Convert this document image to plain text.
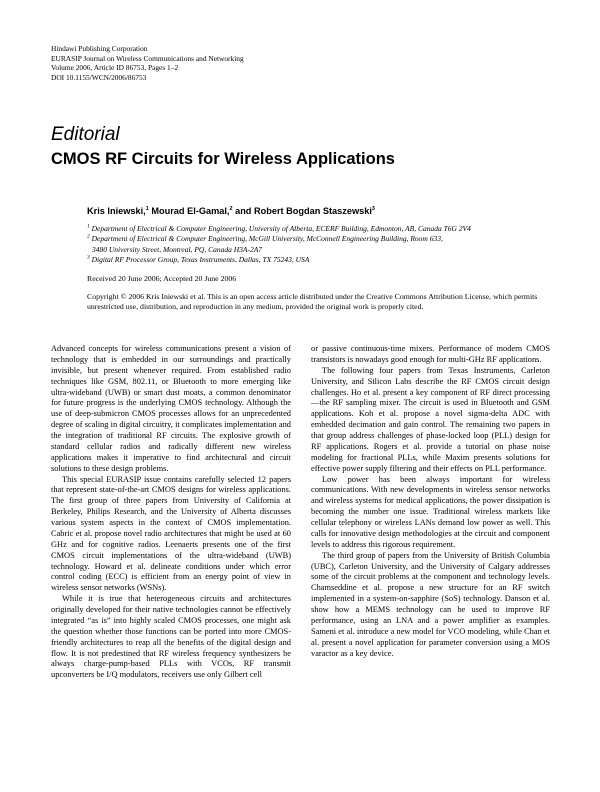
Hindawi Publishing Corporation
EURASIP Journal on Wireless Communications and Networking
Volume 2006, Article ID 86753, Pages 1–2
DOI 10.1155/WCN/2006/86753
Editorial
CMOS RF Circuits for Wireless Applications
Kris Iniewski,$^1$ Mourad El-Gamal,$^2$ and Robert Bogdan Staszewski$^3$
$^1$ Department of Electrical & Computer Engineering, University of Alberta, ECERF Building, Edmonton, AB, Canada T6G 2V4
$^2$ Department of Electrical & Computer Engineering, McGill University, McConnell Engineering Building, Room 633,
3480 University Street, Montreal, PQ, Canada H3A-2A7
$^3$ Digital RF Processor Group, Texas Instruments, Dallas, TX 75243, USA
Received 20 June 2006; Accepted 20 June 2006
Copyright © 2006 Kris Iniewski et al. This is an open access article distributed under the Creative Commons Attribution License, which permits unrestricted use, distribution, and reproduction in any medium, provided the original work is properly cited.

Advanced concepts for wireless communications present a vision of technology that is embedded in our surroundings and practically invisible, but present whenever required. From established radio techniques like GSM, 802.11, or Bluetooth to more emerging like ultra-wideband (UWB) or smart dust moats, a common denominator for future progress is the underlying CMOS technology. Although the use of deep-submicron CMOS processes allows for an unprecedented degree of scaling in digital circuitry, it complicates implementation and the integration of traditional RF circuits. The explosive growth of standard cellular radios and radically different new wireless applications makes it imperative to find architectural and circuit solutions to these design problems.

This special EURASIP issue contains carefully selected 12 papers that represent state-of-the-art CMOS designs for wireless applications. The first group of three papers from University of California at Berkeley, Philips Research, and the University of Alberta discusses various system aspects in the context of CMOS implementation. Cabric et al. propose novel radio architectures that might be used at 60 GHz and for cognitive radios. Leenaerts presents one of the first CMOS circuit implementations of the ultra-wideband (UWB) technology. Howard et al. delineate conditions under which error control coding (ECC) is efficient from an energy point of view in wireless sensor networks (WSNs).

While it is true that heterogeneous circuits and architectures originally developed for their native technologies cannot be effectively integrated “as is” into highly scaled CMOS processes, one might ask the question whether those functions can be ported into more CMOS-friendly architectures to reap all the benefits of the digital design and flow. It is not predestined that RF wireless frequency synthesizers be always charge-pump-based PLLs with VCOs, RF transmit upconverters be I/Q modulators, receivers use only Gilbert cell

or passive continuous-time mixers. Performance of modern CMOS transistors is nowadays good enough for multi-GHz RF applications.

The following four papers from Texas Instruments, Carleton University, and Silicon Labs describe the RF CMOS circuit design challenges. Ho et al. present a key component of RF direct processing—the RF sampling mixer. The circuit is used in Bluetooth and GSM applications. Koh et al. propose a novel sigma-delta ADC with embedded decimation and gain control. The remaining two papers in that group address challenges of phase-locked loop (PLL) design for RF applications. Rogers et al. provide a tutorial on phase noise modeling for fractional PLLs, while Maxim presents solutions for effective power supply filtering and their effects on PLL performance.

Low power has been always important for wireless communications. With new developments in wireless sensor networks and wireless systems for medical applications, the power dissipation is becoming the number one issue. Traditional wireless markets like cellular telephony or wireless LANs demand low power as well. This calls for innovative design methodologies at the circuit and component levels to address this rigorous requirement.

The third group of papers from the University of British Columbia (UBC), Carleton University, and the University of Calgary addresses some of the circuit problems at the component and technology levels. Chamseddine et al. propose a new structure for an RF switch implemented in a system-on-sapphire (SoS) technology. Danson et al. show how a MEMS technology can be used to improve RF performance, using an LNA and a power amplifier as examples. Sameni et al. introduce a new model for VCO modeling, while Chan et al. present a novel application for parameter conversion using a MOS varactor as a key device.
